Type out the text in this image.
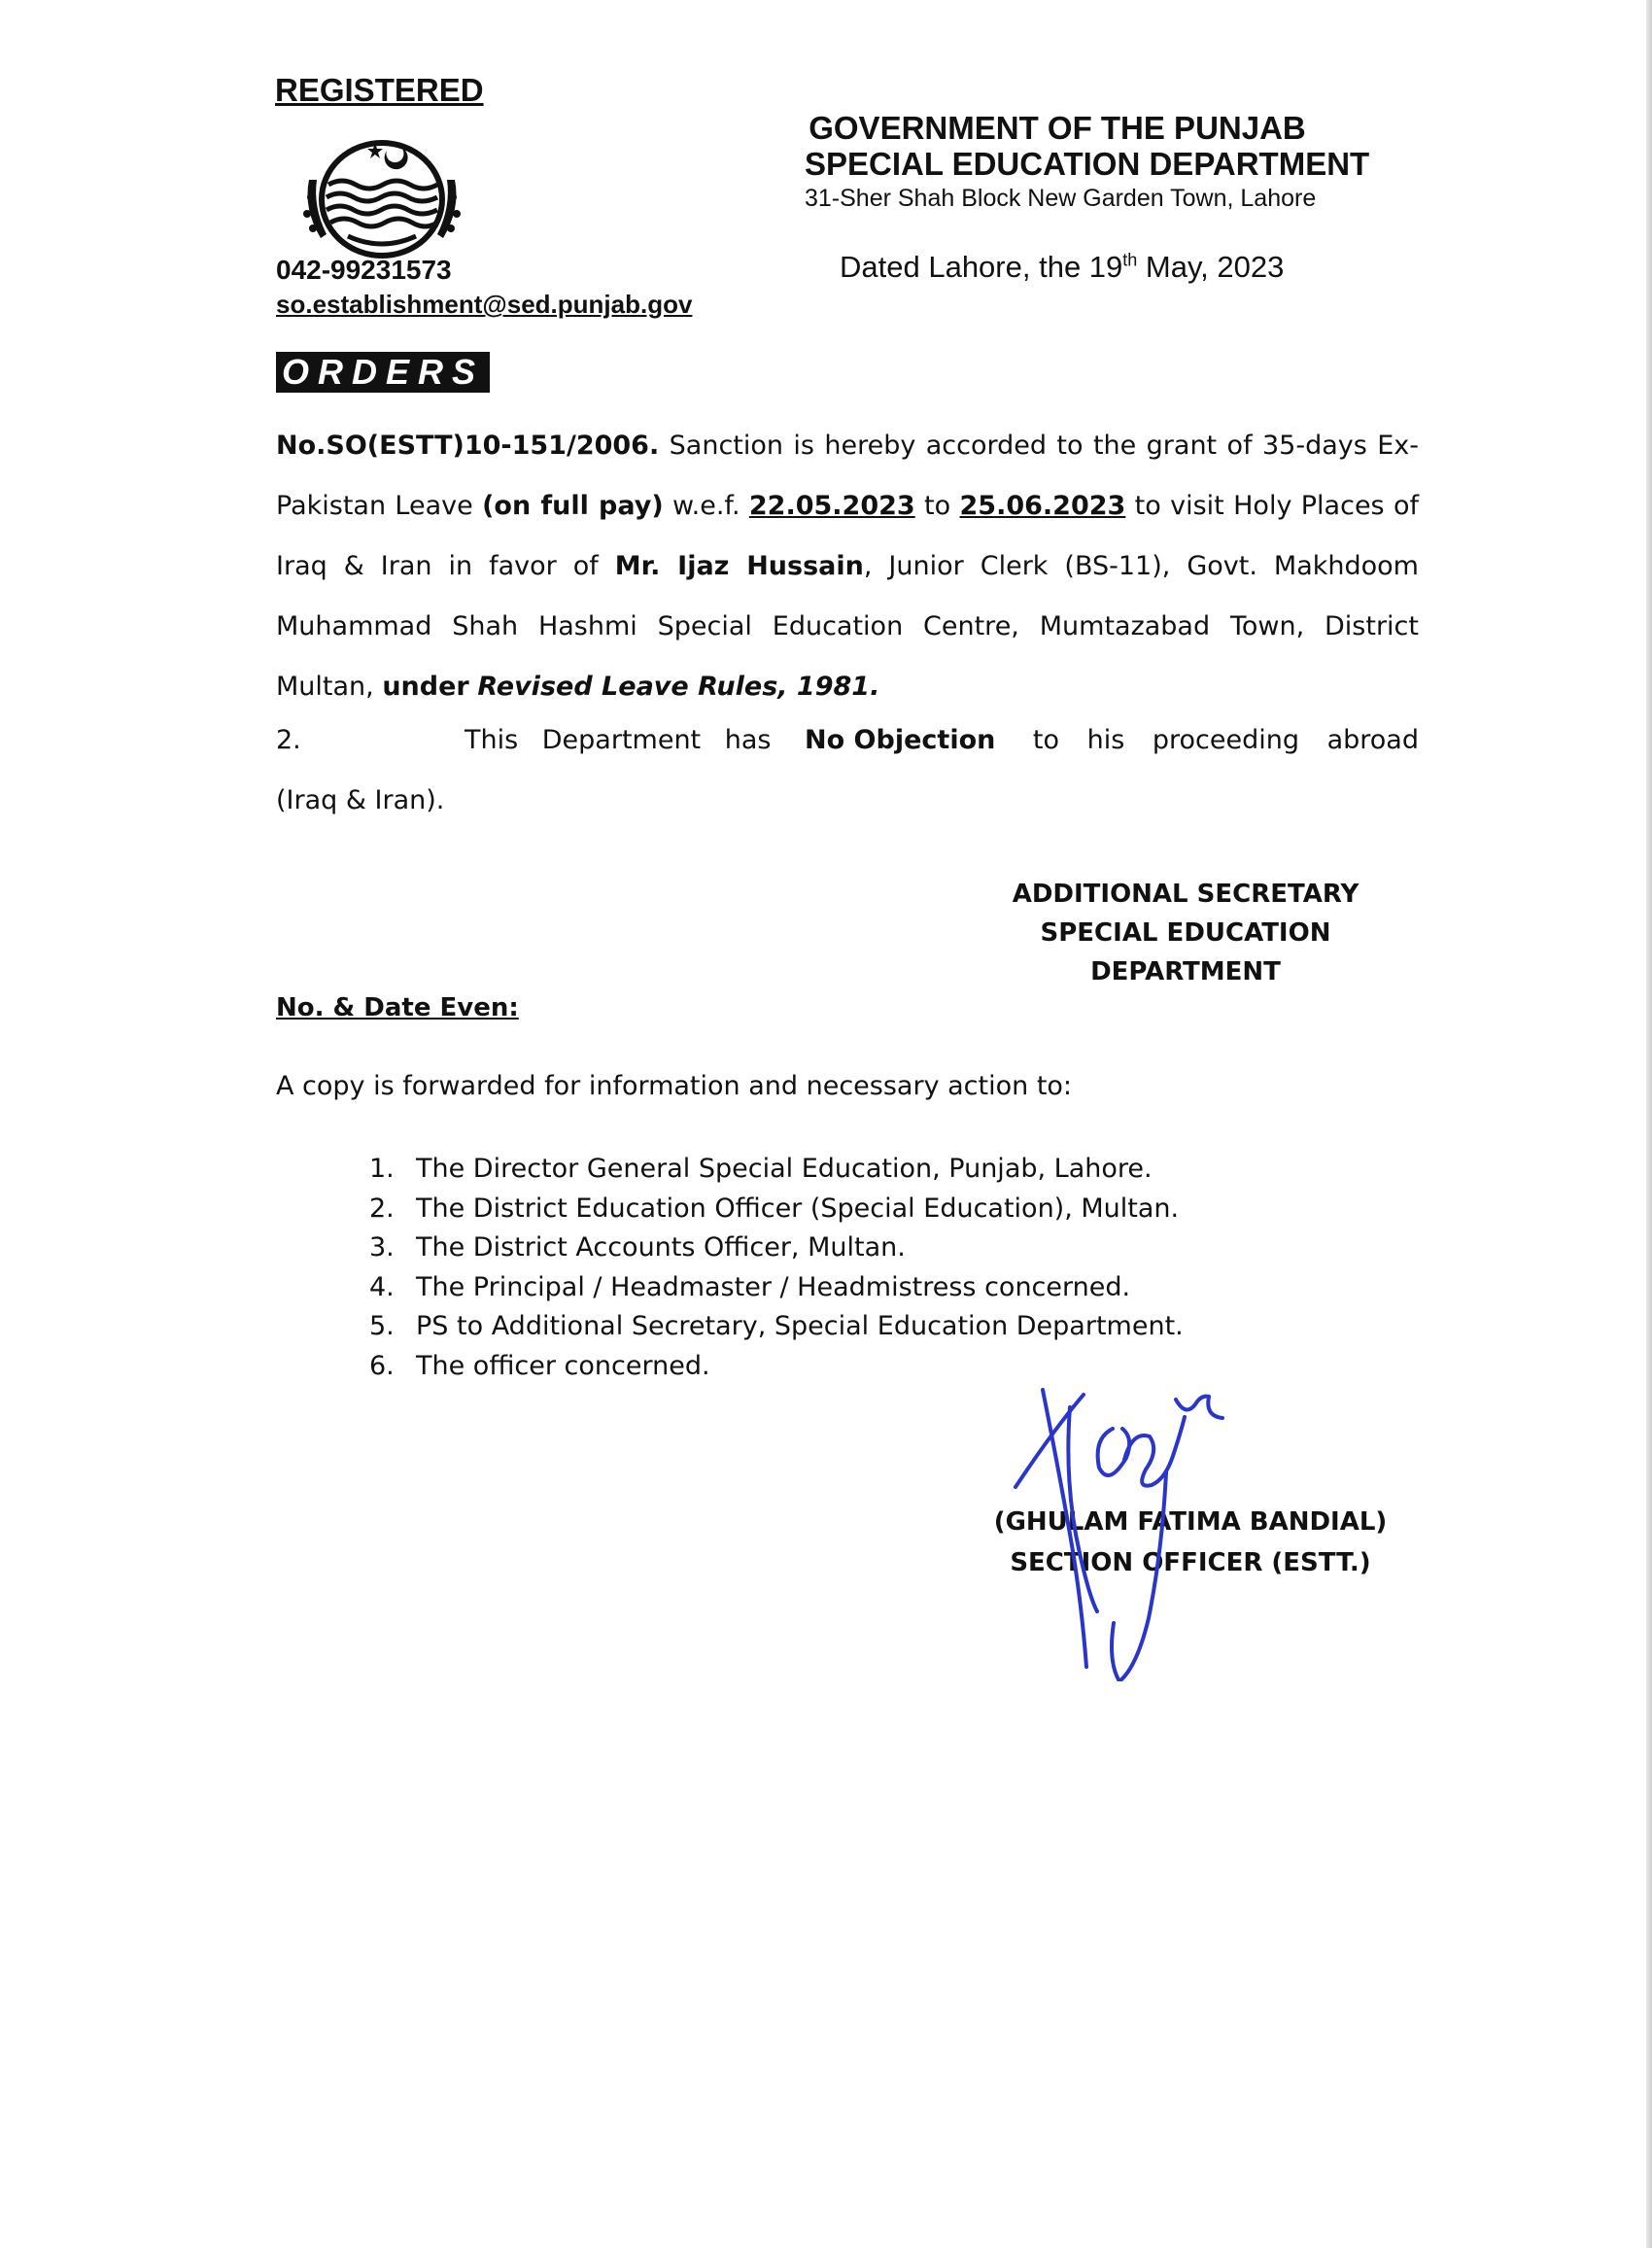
REGISTERED
042-99231573
so.establishment@sed.punjab.gov
GOVERNMENT OF THE PUNJAB
SPECIAL EDUCATION DEPARTMENT
31-Sher Shah Block New Garden Town, Lahore
Dated Lahore, the 19th May, 2023
ORDERS
No.SO(ESTT)10-151/2006. Sanction is hereby accorded to the grant of 35-days Ex-Pakistan Leave (on full pay) w.e.f. 22.05.2023 to 25.06.2023 to visit Holy Places of Iraq & Iran in favor of Mr. Ijaz Hussain, Junior Clerk (BS-11), Govt. Makhdoom Muhammad Shah Hashmi Special Education Centre, Mumtazabad Town, District Multan, under Revised Leave Rules, 1981.
2.	This Department has No Objection to his proceeding abroad
(Iraq & Iran).
ADDITIONAL SECRETARY
SPECIAL EDUCATION
DEPARTMENT
No. & Date Even:
A copy is forwarded for information and necessary action to:
1. The Director General Special Education, Punjab, Lahore.
2. The District Education Officer (Special Education), Multan.
3. The District Accounts Officer, Multan.
4. The Principal / Headmaster / Headmistress concerned.
5. PS to Additional Secretary, Special Education Department.
6. The officer concerned.
(GHULAM FATIMA BANDIAL)
SECTION OFFICER (ESTT.)
